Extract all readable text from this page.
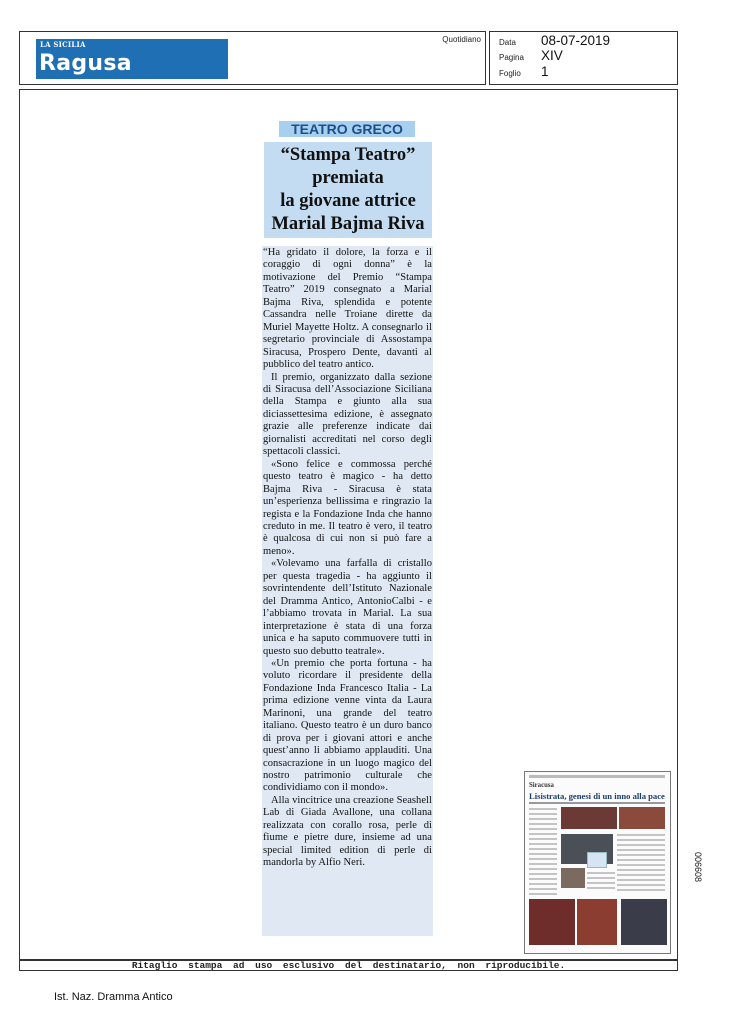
LA SICILIA
Ragusa
Quotidiano Data 08-07-2019
Pagina XIV
Foglio 1
TEATRO GRECO
“Stampa Teatro”
premiata
la giovane attrice
Marial Bajma Riva

“Ha gridato il dolore, la forza e il coraggio di ogni donna” è la motivazione del Premio “Stampa Teatro” 2019 consegnato a Marial Bajma Riva, splendida e potente Cassandra nelle Troiane dirette da Muriel Mayette Holtz. A consegnarlo il segretario provinciale di Assostampa Siracusa, Prospero Dente, davanti al pubblico del teatro antico.

Il premio, organizzato dalla sezione di Siracusa dell’Associazione Siciliana della Stampa e giunto alla sua diciassettesima edizione, è assegnato grazie alle preferenze indicate dai giornalisti accreditati nel corso degli spettacoli classici.

«Sono felice e commossa perché questo teatro è magico - ha detto Bajma Riva - Siracusa è stata un’esperienza bellissima e ringrazio la regista e la Fondazione Inda che hanno creduto in me. Il teatro è vero, il teatro è qualcosa di cui non si può fare a meno».

«Volevamo una farfalla di cristallo per questa tragedia - ha aggiunto il sovrintendente dell’Istituto Nazionale del Dramma Antico, AntonioCalbi - e l’abbiamo trovata in Marial. La sua interpretazione è stata di una forza unica e ha saputo commuovere tutti in questo suo debutto teatrale».

«Un premio che porta fortuna - ha voluto ricordare il presidente della Fondazione Inda Francesco Italia - La prima edizione venne vinta da Laura Marinoni, una grande del teatro italiano. Questo teatro è un duro banco di prova per i giovani attori e anche quest’anno li abbiamo applauditi. Una consacrazione in un luogo magico del nostro patrimonio culturale che condividiamo con il mondo».

Alla vincitrice una creazione Seashell Lab di Giada Avallone, una collana realizzata con corallo rosa, perle di fiume e pietre dure, insieme ad una special limited edition di perle di mandorla by Alfio Neri.

Siracusa
Lisistrata, genesi di un inno alla pace
006608
Ritaglio stampa ad uso esclusivo del destinatario, non riproducibile.
Ist. Naz. Dramma Antico
